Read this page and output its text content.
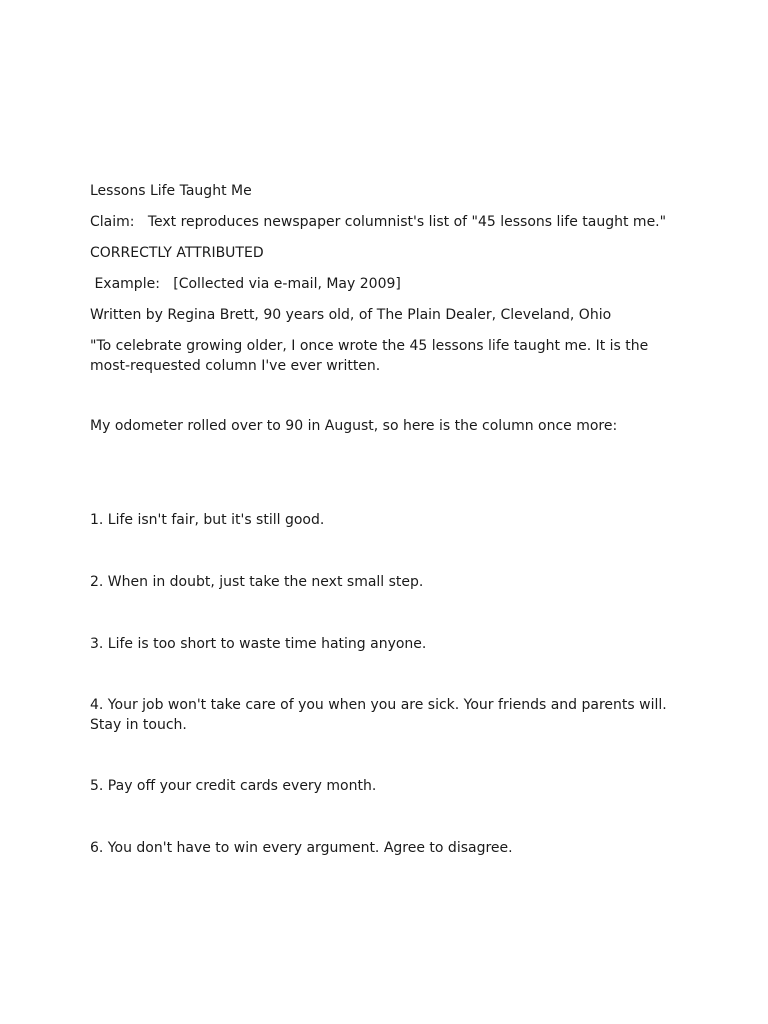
Lessons Life Taught Me
Claim:   Text reproduces newspaper columnist's list of "45 lessons life taught me."
CORRECTLY ATTRIBUTED
Example:   [Collected via e-mail, May 2009]
Written by Regina Brett, 90 years old, of The Plain Dealer, Cleveland, Ohio
"To celebrate growing older, I once wrote the 45 lessons life taught me. It is the most-requested column I've ever written.
My odometer rolled over to 90 in August, so here is the column once more:
1. Life isn't fair, but it's still good.
2. When in doubt, just take the next small step.
3. Life is too short to waste time hating anyone.
4. Your job won't take care of you when you are sick. Your friends and parents will. Stay in touch.
5. Pay off your credit cards every month.
6. You don't have to win every argument. Agree to disagree.
